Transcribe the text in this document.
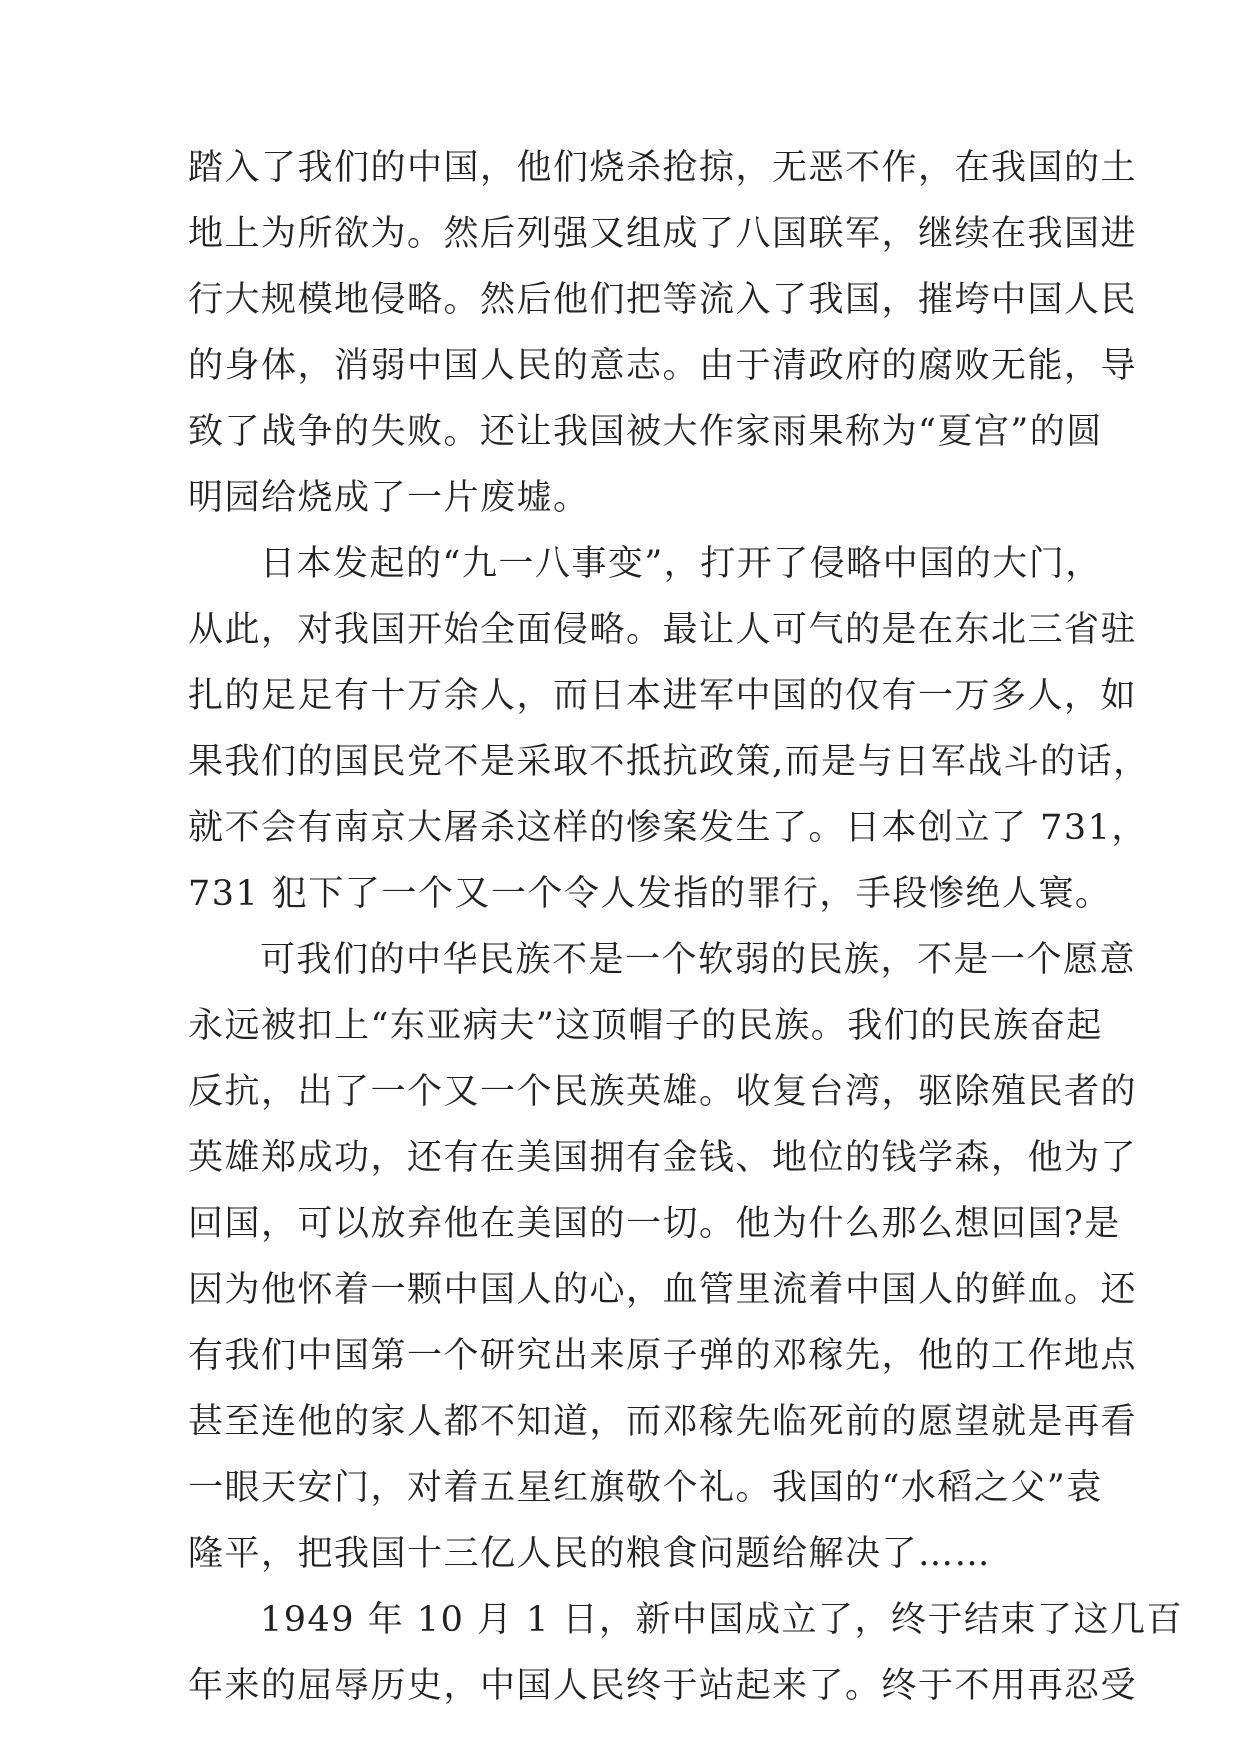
踏入了我们的中国，他们烧杀抢掠，无恶不作，在我国的土
地上为所欲为。然后列强又组成了八国联军，继续在我国进
行大规模地侵略。然后他们把等流入了我国，摧垮中国人民
的身体，消弱中国人民的意志。由于清政府的腐败无能，导
致了战争的失败。还让我国被大作家雨果称为“夏宫”的圆
明园给烧成了一片废墟。
日本发起的“九一八事变”，打开了侵略中国的大门，
从此，对我国开始全面侵略。最让人可气的是在东北三省驻
扎的足足有十万余人，而日本进军中国的仅有一万多人，如
果我们的国民党不是采取不抵抗政策,而是与日军战斗的话，
就不会有南京大屠杀这样的惨案发生了。日本创立了 731，
731 犯下了一个又一个令人发指的罪行，手段惨绝人寰。
可我们的中华民族不是一个软弱的民族，不是一个愿意
永远被扣上“东亚病夫”这顶帽子的民族。我们的民族奋起
反抗，出了一个又一个民族英雄。收复台湾，驱除殖民者的
英雄郑成功，还有在美国拥有金钱、地位的钱学森，他为了
回国，可以放弃他在美国的一切。他为什么那么想回国?是
因为他怀着一颗中国人的心，血管里流着中国人的鲜血。还
有我们中国第一个研究出来原子弹的邓稼先，他的工作地点
甚至连他的家人都不知道，而邓稼先临死前的愿望就是再看
一眼天安门，对着五星红旗敬个礼。我国的“水稻之父”袁
隆平，把我国十三亿人民的粮食问题给解决了……
1949 年 10 月 1 日，新中国成立了，终于结束了这几百
年来的屈辱历史，中国人民终于站起来了。终于不用再忍受
